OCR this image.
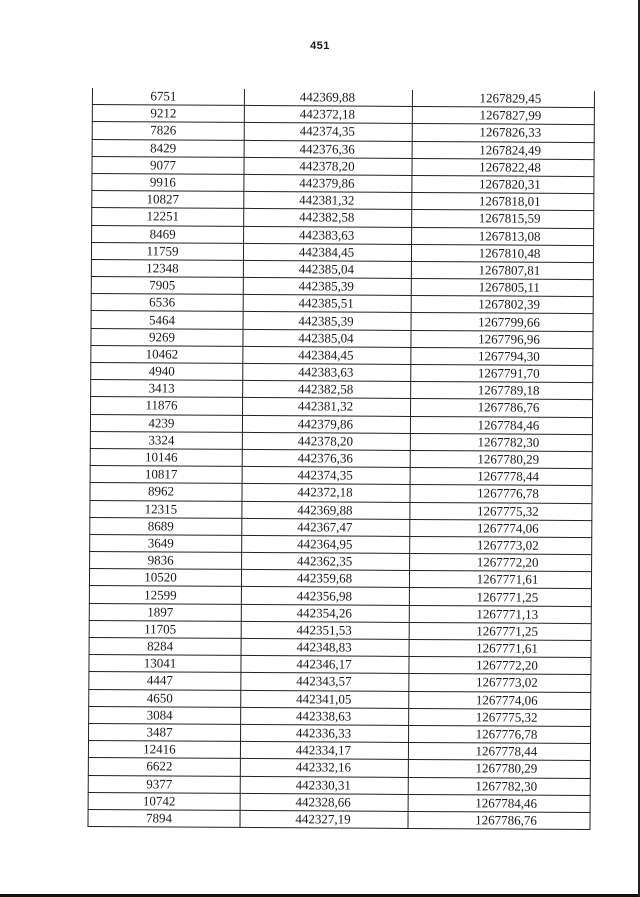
451
6751	442369,88	1267829,45
9212	442372,18	1267827,99
7826	442374,35	1267826,33
8429	442376,36	1267824,49
9077	442378,20	1267822,48
9916	442379,86	1267820,31
10827	442381,32	1267818,01
12251	442382,58	1267815,59
8469	442383,63	1267813,08
11759	442384,45	1267810,48
12348	442385,04	1267807,81
7905	442385,39	1267805,11
6536	442385,51	1267802,39
5464	442385,39	1267799,66
9269	442385,04	1267796,96
10462	442384,45	1267794,30
4940	442383,63	1267791,70
3413	442382,58	1267789,18
11876	442381,32	1267786,76
4239	442379,86	1267784,46
3324	442378,20	1267782,30
10146	442376,36	1267780,29
10817	442374,35	1267778,44
8962	442372,18	1267776,78
12315	442369,88	1267775,32
8689	442367,47	1267774,06
3649	442364,95	1267773,02
9836	442362,35	1267772,20
10520	442359,68	1267771,61
12599	442356,98	1267771,25
1897	442354,26	1267771,13
11705	442351,53	1267771,25
8284	442348,83	1267771,61
13041	442346,17	1267772,20
4447	442343,57	1267773,02
4650	442341,05	1267774,06
3084	442338,63	1267775,32
3487	442336,33	1267776,78
12416	442334,17	1267778,44
6622	442332,16	1267780,29
9377	442330,31	1267782,30
10742	442328,66	1267784,46
7894	442327,19	1267786,76
